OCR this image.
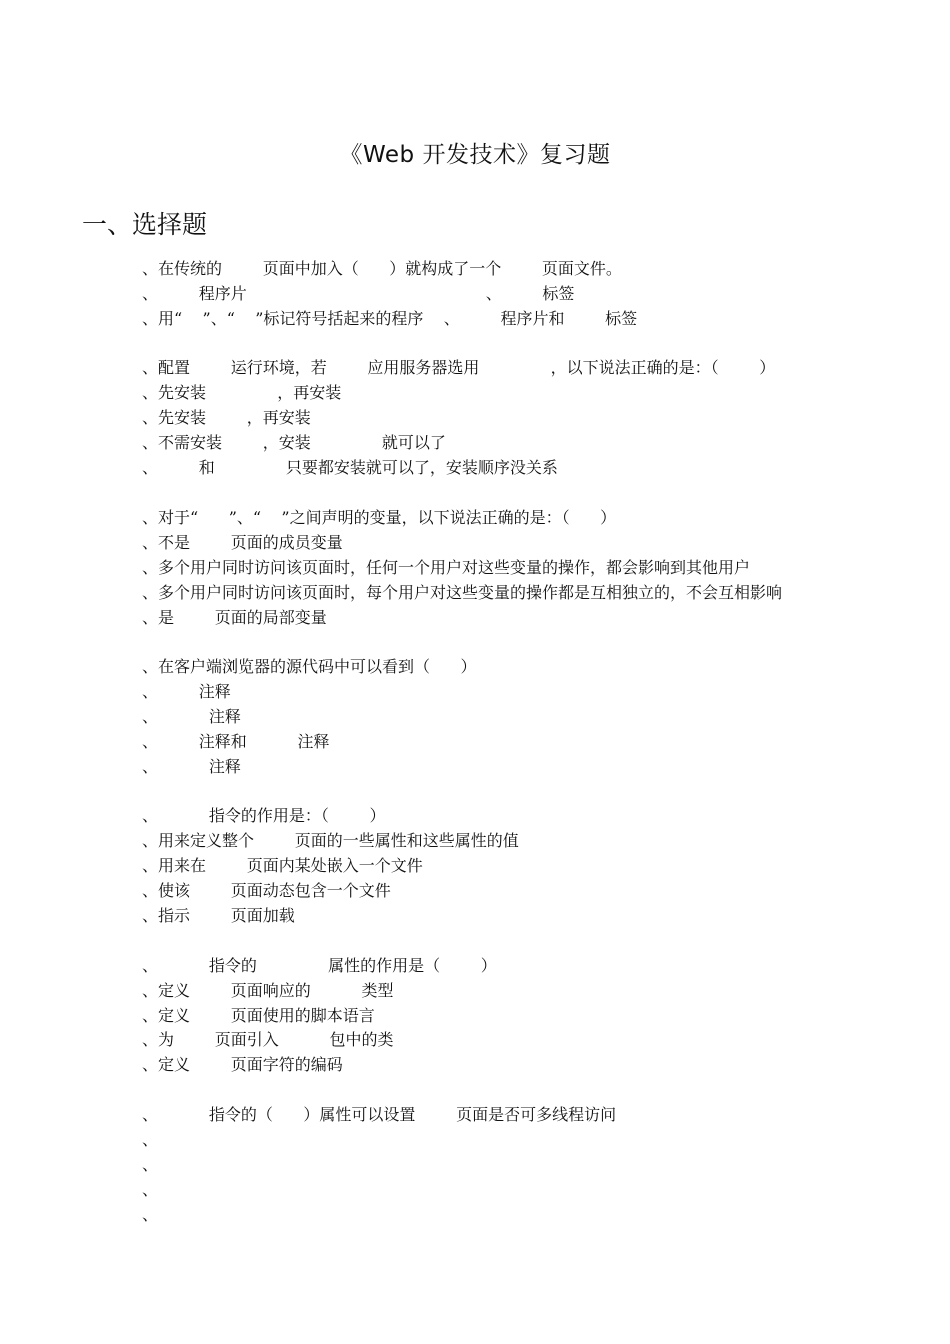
《Web 开发技术》复习题
一、选择题
、在传统的        页面中加入（      ）就构成了一个        页面文件。
、        程序片                                               、        标签
、用“    ”、“    ”标记符号括起来的程序    、        程序片和        标签
、配置        运行环境，若        应用服务器选用              ，以下说法正确的是：（        ）
、先安装              ，再安装
、先安装        ，再安装
、不需安装        ，安装              就可以了
、        和              只要都安装就可以了，安装顺序没关系
、对于“      ”、“    ”之间声明的变量，以下说法正确的是：（      ）
、不是        页面的成员变量
、多个用户同时访问该页面时，任何一个用户对这些变量的操作，都会影响到其他用户
、多个用户同时访问该页面时，每个用户对这些变量的操作都是互相独立的，不会互相影响
、是        页面的局部变量
、在客户端浏览器的源代码中可以看到（      ）
、        注释
、          注释
、        注释和          注释
、          注释
、          指令的作用是：（        ）
、用来定义整个        页面的一些属性和这些属性的值
、用来在        页面内某处嵌入一个文件
、使该        页面动态包含一个文件
、指示        页面加载
、          指令的              属性的作用是（        ）
、定义        页面响应的          类型
、定义        页面使用的脚本语言
、为        页面引入          包中的类
、定义        页面字符的编码
、          指令的（      ）属性可以设置        页面是否可多线程访问
、
、
、
、
